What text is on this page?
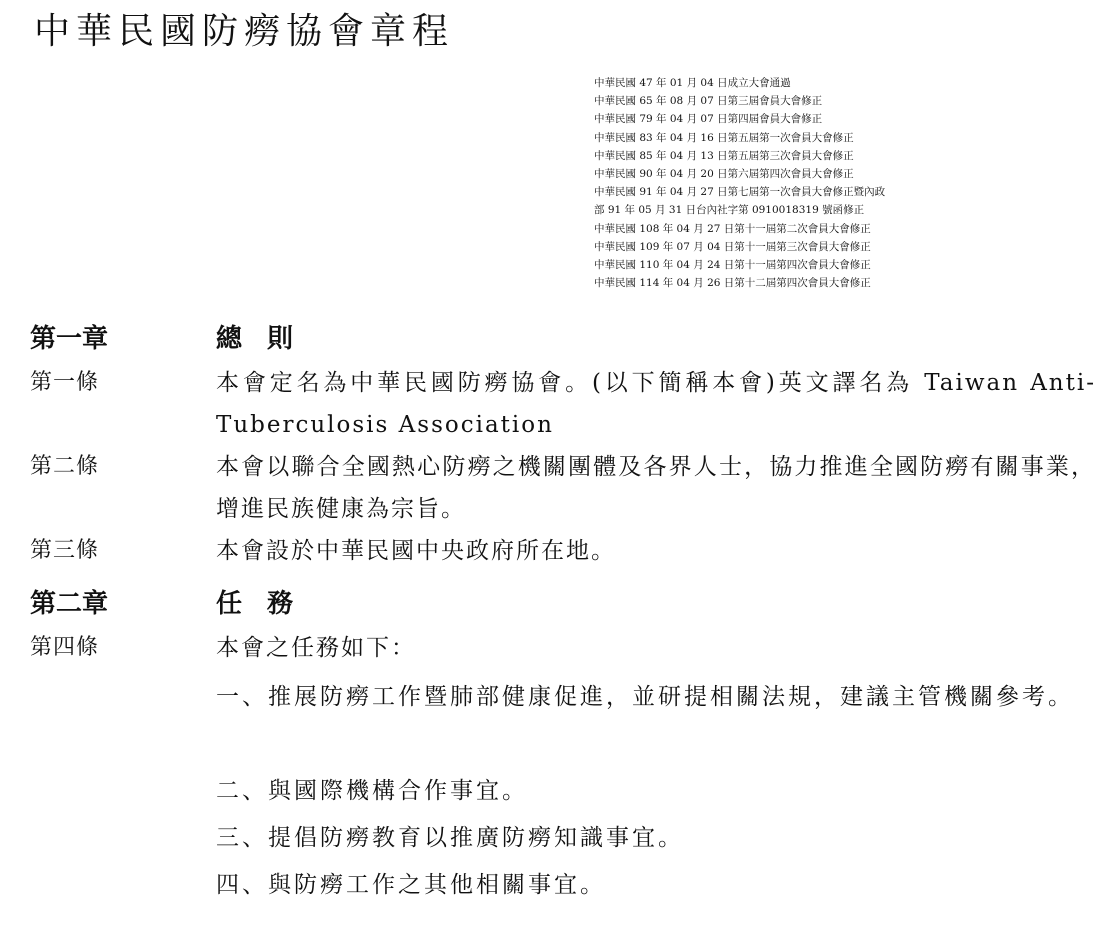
中華民國防癆協會章程
中華民國 47 年 01 月 04 日成立大會通過
中華民國 65 年 08 月 07 日第三屆會員大會修正
中華民國 79 年 04 月 07 日第四屆會員大會修正
中華民國 83 年 04 月 16 日第五屆第一次會員大會修正
中華民國 85 年 04 月 13 日第五屆第三次會員大會修正
中華民國 90 年 04 月 20 日第六屆第四次會員大會修正
中華民國 91 年 04 月 27 日第七屆第一次會員大會修正暨內政
部 91 年 05 月 31 日台內社字第 0910018319 號函修正
中華民國 108 年 04 月 27 日第十一屆第二次會員大會修正
中華民國 109 年 07 月 04 日第十一屆第三次會員大會修正
中華民國 110 年 04 月 24 日第十一屆第四次會員大會修正
中華民國 114 年 04 月 26 日第十二屆第四次會員大會修正
第一章	總 則
第一條	本會定名為中華民國防癆協會。(以下簡稱本會)英文譯名為 Taiwan Anti-Tuberculosis Association
第二條	本會以聯合全國熱心防癆之機關團體及各界人士，協力推進全國防癆有關事業，增進民族健康為宗旨。
第三條	本會設於中華民國中央政府所在地。
第二章	任 務
第四條	本會之任務如下：
一、推展防癆工作暨肺部健康促進，並研提相關法規，建議主管機關參考。
二、與國際機構合作事宜。
三、提倡防癆教育以推廣防癆知識事宜。
四、與防癆工作之其他相關事宜。
